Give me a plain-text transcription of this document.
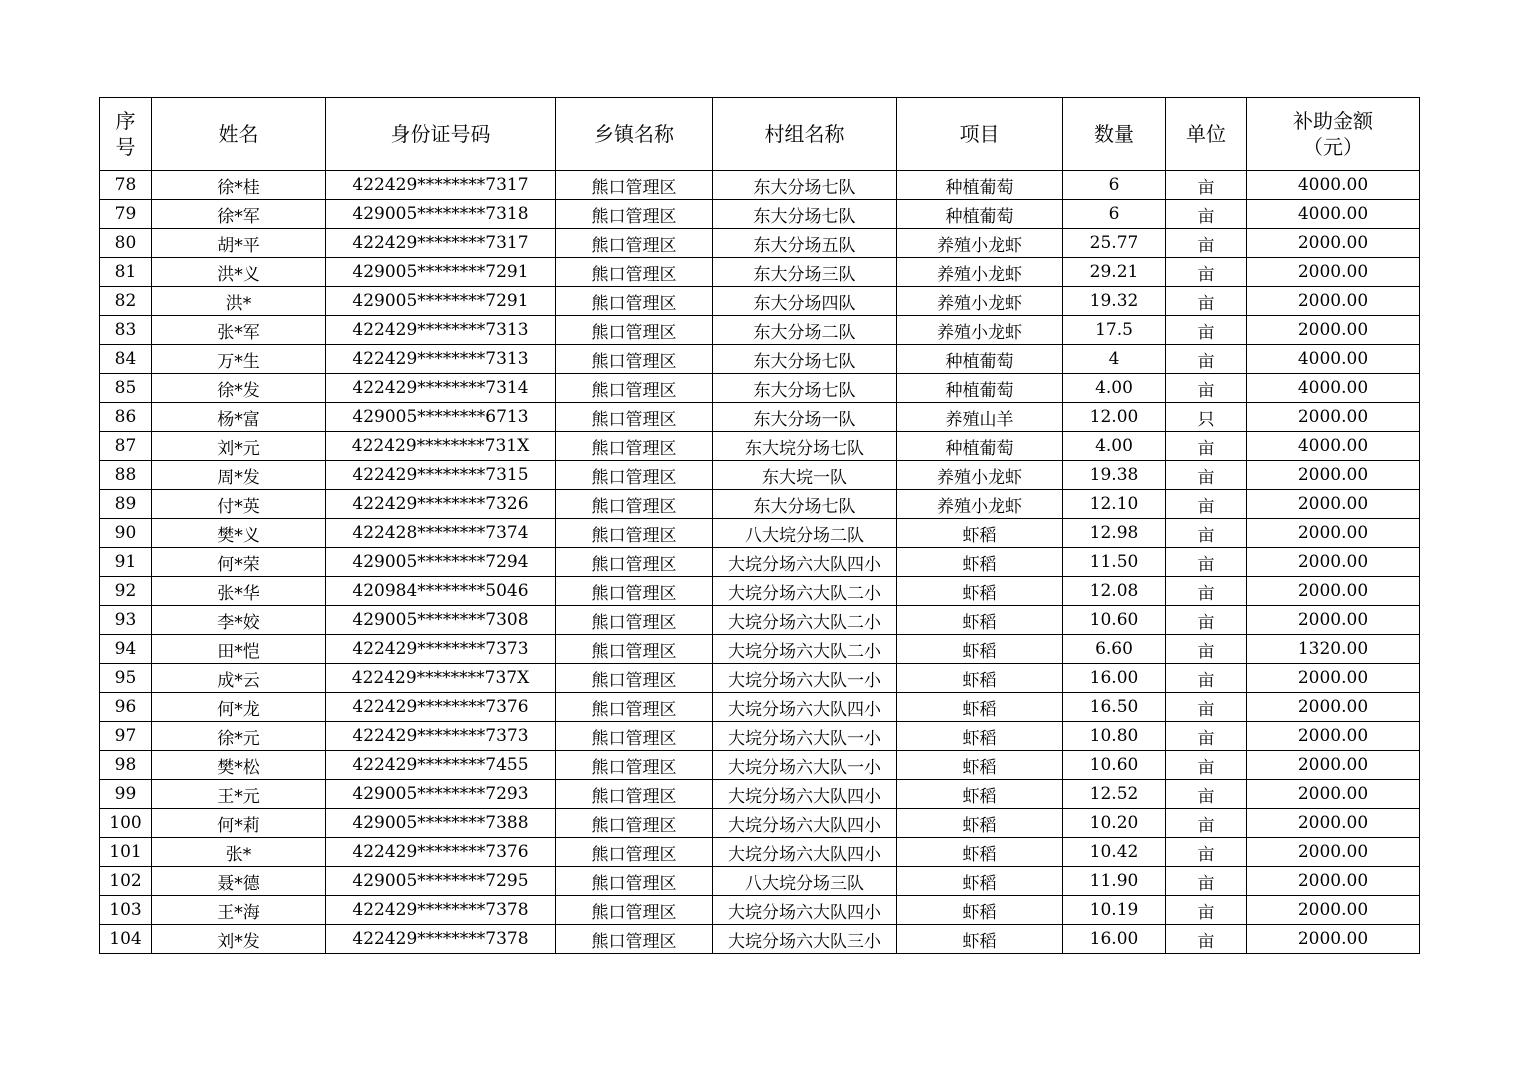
序号	姓名	身份证号码	乡镇名称	村组名称	项目	数量	单位	补助金额（元）
78	徐*桂	422429********7317	熊口管理区	东大分场七队	种植葡萄	6	亩	4000.00
79	徐*军	429005********7318	熊口管理区	东大分场七队	种植葡萄	6	亩	4000.00
80	胡*平	422429********7317	熊口管理区	东大分场五队	养殖小龙虾	25.77	亩	2000.00
81	洪*义	429005********7291	熊口管理区	东大分场三队	养殖小龙虾	29.21	亩	2000.00
82	洪*	429005********7291	熊口管理区	东大分场四队	养殖小龙虾	19.32	亩	2000.00
83	张*军	422429********7313	熊口管理区	东大分场二队	养殖小龙虾	17.5	亩	2000.00
84	万*生	422429********7313	熊口管理区	东大分场七队	种植葡萄	4	亩	4000.00
85	徐*发	422429********7314	熊口管理区	东大分场七队	种植葡萄	4.00	亩	4000.00
86	杨*富	429005********6713	熊口管理区	东大分场一队	养殖山羊	12.00	只	2000.00
87	刘*元	422429********731X	熊口管理区	东大垸分场七队	种植葡萄	4.00	亩	4000.00
88	周*发	422429********7315	熊口管理区	东大垸一队	养殖小龙虾	19.38	亩	2000.00
89	付*英	422429********7326	熊口管理区	东大分场七队	养殖小龙虾	12.10	亩	2000.00
90	樊*义	422428********7374	熊口管理区	八大垸分场二队	虾稻	12.98	亩	2000.00
91	何*荣	429005********7294	熊口管理区	大垸分场六大队四小	虾稻	11.50	亩	2000.00
92	张*华	420984********5046	熊口管理区	大垸分场六大队二小	虾稻	12.08	亩	2000.00
93	李*姣	429005********7308	熊口管理区	大垸分场六大队二小	虾稻	10.60	亩	2000.00
94	田*恺	422429********7373	熊口管理区	大垸分场六大队二小	虾稻	6.60	亩	1320.00
95	成*云	422429********737X	熊口管理区	大垸分场六大队一小	虾稻	16.00	亩	2000.00
96	何*龙	422429********7376	熊口管理区	大垸分场六大队四小	虾稻	16.50	亩	2000.00
97	徐*元	422429********7373	熊口管理区	大垸分场六大队一小	虾稻	10.80	亩	2000.00
98	樊*松	422429********7455	熊口管理区	大垸分场六大队一小	虾稻	10.60	亩	2000.00
99	王*元	429005********7293	熊口管理区	大垸分场六大队四小	虾稻	12.52	亩	2000.00
100	何*莉	429005********7388	熊口管理区	大垸分场六大队四小	虾稻	10.20	亩	2000.00
101	张*	422429********7376	熊口管理区	大垸分场六大队四小	虾稻	10.42	亩	2000.00
102	聂*德	429005********7295	熊口管理区	八大垸分场三队	虾稻	11.90	亩	2000.00
103	王*海	422429********7378	熊口管理区	大垸分场六大队四小	虾稻	10.19	亩	2000.00
104	刘*发	422429********7378	熊口管理区	大垸分场六大队三小	虾稻	16.00	亩	2000.00
